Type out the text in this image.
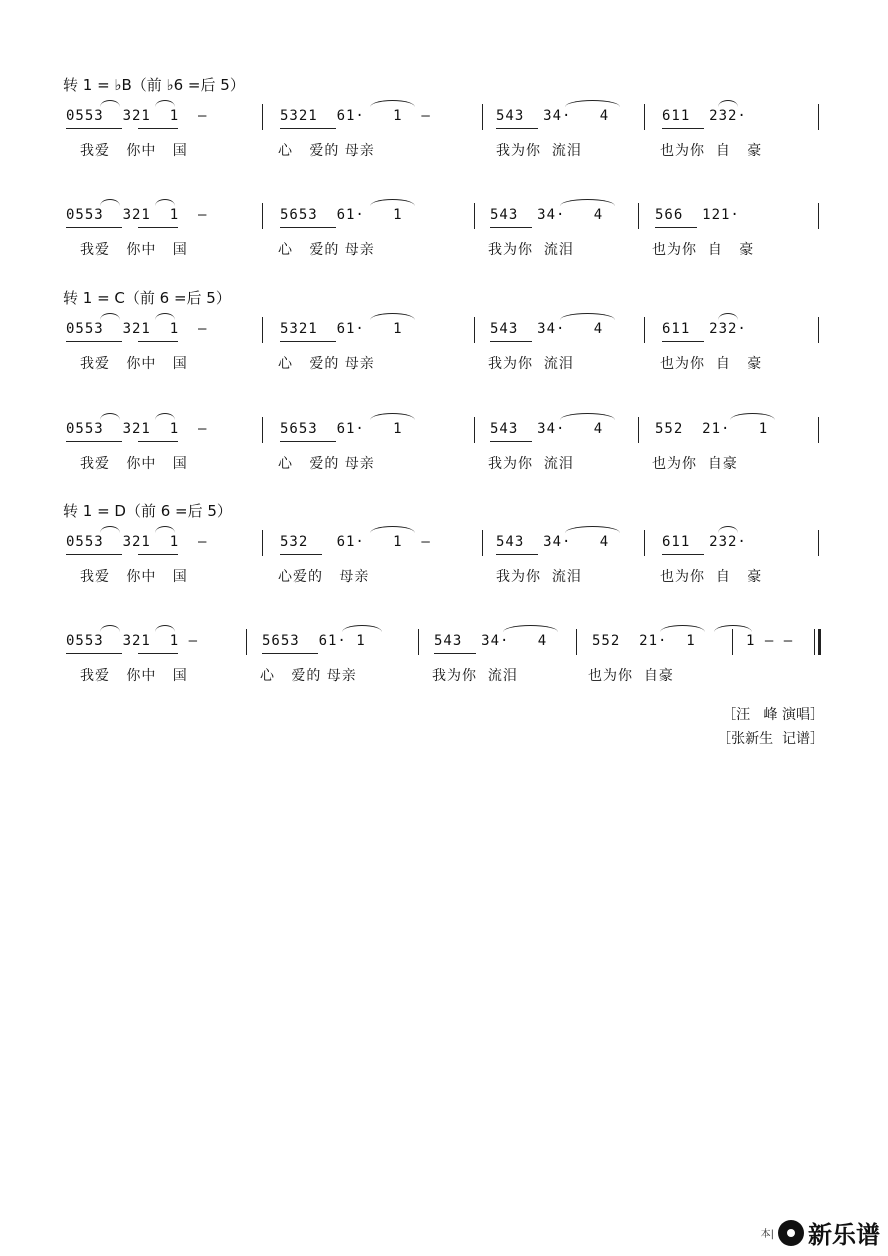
转 1 = ♭B（前 ♭6 =后 5）
0553  321  1  –	5321  61·   1  –	543  34·   4	611  232·
我爱   你中   国	心   爱的 母亲	我为你  流泪	也为你  自   豪
0553  321  1  –	5653  61·   1	543  34·   4	566  121·
我爱   你中   国	心   爱的 母亲	我为你  流泪	也为你  自   豪
转 1 = C（前 6 =后 5）
0553  321  1  –	5321  61·   1	543  34·   4	611  232·
我爱   你中   国	心   爱的 母亲	我为你  流泪	也为你  自   豪
0553  321  1  –	5653  61·   1	543  34·   4	552  21·   1
我爱   你中   国	心   爱的 母亲	我为你  流泪	也为你  自豪
转 1 = D（前 6 =后 5）
0553  321  1  –	532   61·   1  –	543  34·   4	611  232·
我爱   你中   国	心爱的   母亲	我为你  流泪	也为你  自   豪
0553  321  1 –	5653  61· 1	543  34·   4	552  21·  1	1 – –
我爱   你中   国	心   爱的 母亲	我为你  流泪	也为你  自豪
［汪   峰 演唱］
［张新生  记谱］
本| 新乐谱
